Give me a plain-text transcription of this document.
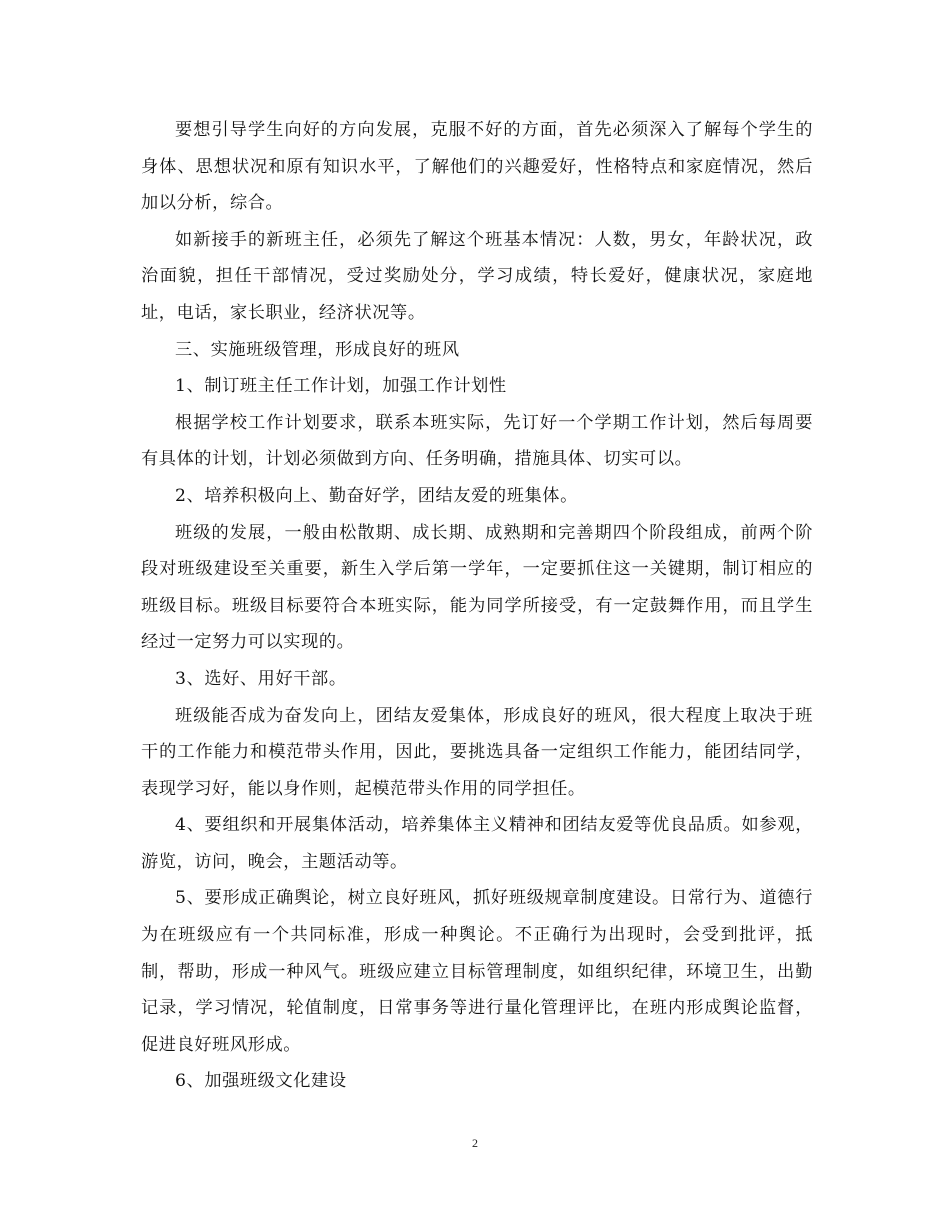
要想引导学生向好的方向发展，克服不好的方面，首先必须深入了解每个学生的身体、思想状况和原有知识水平，了解他们的兴趣爱好，性格特点和家庭情况，然后加以分析，综合。

如新接手的新班主任，必须先了解这个班基本情况：人数，男女，年龄状况，政治面貌，担任干部情况，受过奖励处分，学习成绩，特长爱好，健康状况，家庭地址，电话，家长职业，经济状况等。

三、实施班级管理，形成良好的班风

1、制订班主任工作计划，加强工作计划性

根据学校工作计划要求，联系本班实际，先订好一个学期工作计划，然后每周要有具体的计划，计划必须做到方向、任务明确，措施具体、切实可以。

2、培养积极向上、勤奋好学，团结友爱的班集体。

班级的发展，一般由松散期、成长期、成熟期和完善期四个阶段组成，前两个阶段对班级建设至关重要，新生入学后第一学年，一定要抓住这一关键期，制订相应的班级目标。班级目标要符合本班实际，能为同学所接受，有一定鼓舞作用，而且学生经过一定努力可以实现的。

3、选好、用好干部。

班级能否成为奋发向上，团结友爱集体，形成良好的班风，很大程度上取决于班干的工作能力和模范带头作用，因此，要挑选具备一定组织工作能力，能团结同学，表现学习好，能以身作则，起模范带头作用的同学担任。

4、要组织和开展集体活动，培养集体主义精神和团结友爱等优良品质。如参观，游览，访问，晚会，主题活动等。

5、要形成正确舆论，树立良好班风，抓好班级规章制度建设。日常行为、道德行为在班级应有一个共同标准，形成一种舆论。不正确行为出现时，会受到批评，抵制，帮助，形成一种风气。班级应建立目标管理制度，如组织纪律，环境卫生，出勤记录，学习情况，轮值制度，日常事务等进行量化管理评比，在班内形成舆论监督，促进良好班风形成。

6、加强班级文化建设

2
